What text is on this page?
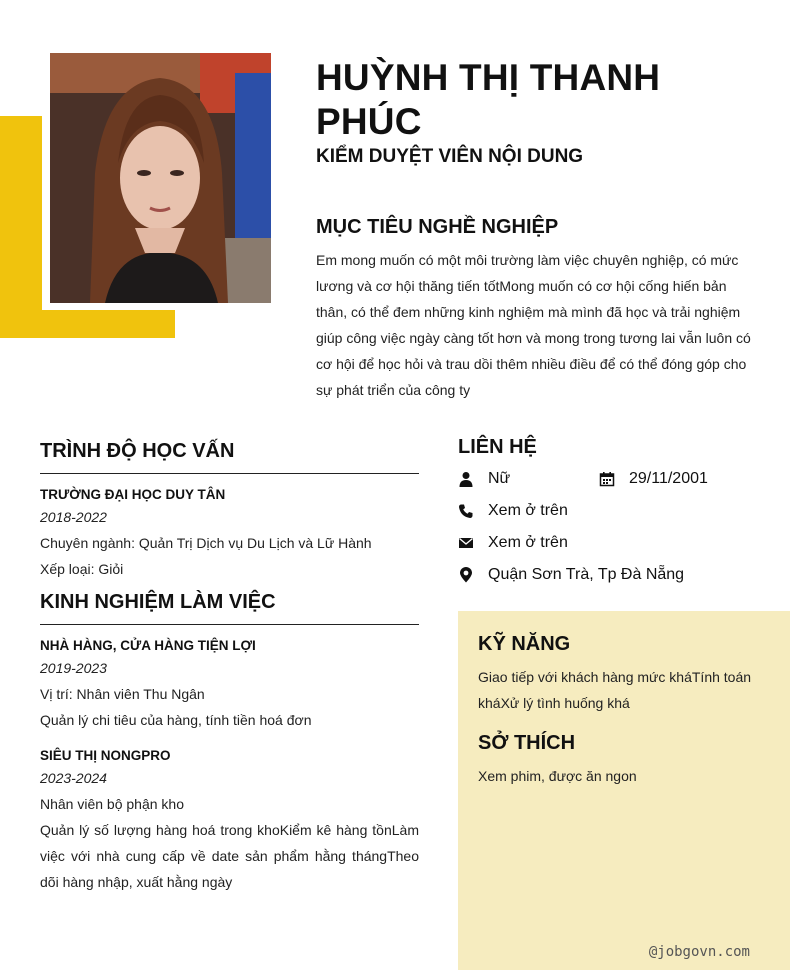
HUỲNH THỊ THANH PHÚC
KIỂM DUYỆT VIÊN NỘI DUNG
MỤC TIÊU NGHỀ NGHIỆP

Em mong muốn có một môi trường làm việc chuyên nghiệp, có mức lương và cơ hội thăng tiến tốtMong muốn có cơ hội cống hiến bản thân, có thể đem những kinh nghiệm mà mình đã học và trải nghiệm giúp công việc ngày càng tốt hơn và mong trong tương lai vẫn luôn có cơ hội để học hỏi và trau dồi thêm nhiều điều để có thể đóng góp cho sự phát triển của công ty

TRÌNH ĐỘ HỌC VẤN
TRƯỜNG ĐẠI HỌC DUY TÂN
2018-2022
Chuyên ngành: Quản Trị Dịch vụ Du Lịch và Lữ Hành
Xếp loại: Giỏi
KINH NGHIỆM LÀM VIỆC
NHÀ HÀNG, CỬA HÀNG TIỆN LỢI
2019-2023
Vị trí: Nhân viên Thu Ngân
Quản lý chi tiêu của hàng, tính tiền hoá đơn
SIÊU THỊ NONGPRO
2023-2024
Nhân viên bộ phận kho
Quản lý số lượng hàng hoá trong khoKiểm kê hàng tồnLàm việc với nhà cung cấp về date sản phẩm hằng thángTheo dõi hàng nhập, xuất hằng ngày
LIÊN HỆ
Nữ	29/11/2001
Xem ở trên
Xem ở trên
Quận Sơn Trà, Tp Đà Nẵng
KỸ NĂNG

Giao tiếp với khách hàng mức kháTính toán kháXử lý tình huống khá

SỞ THÍCH

Xem phim, được ăn ngon

@jobgovn.com
